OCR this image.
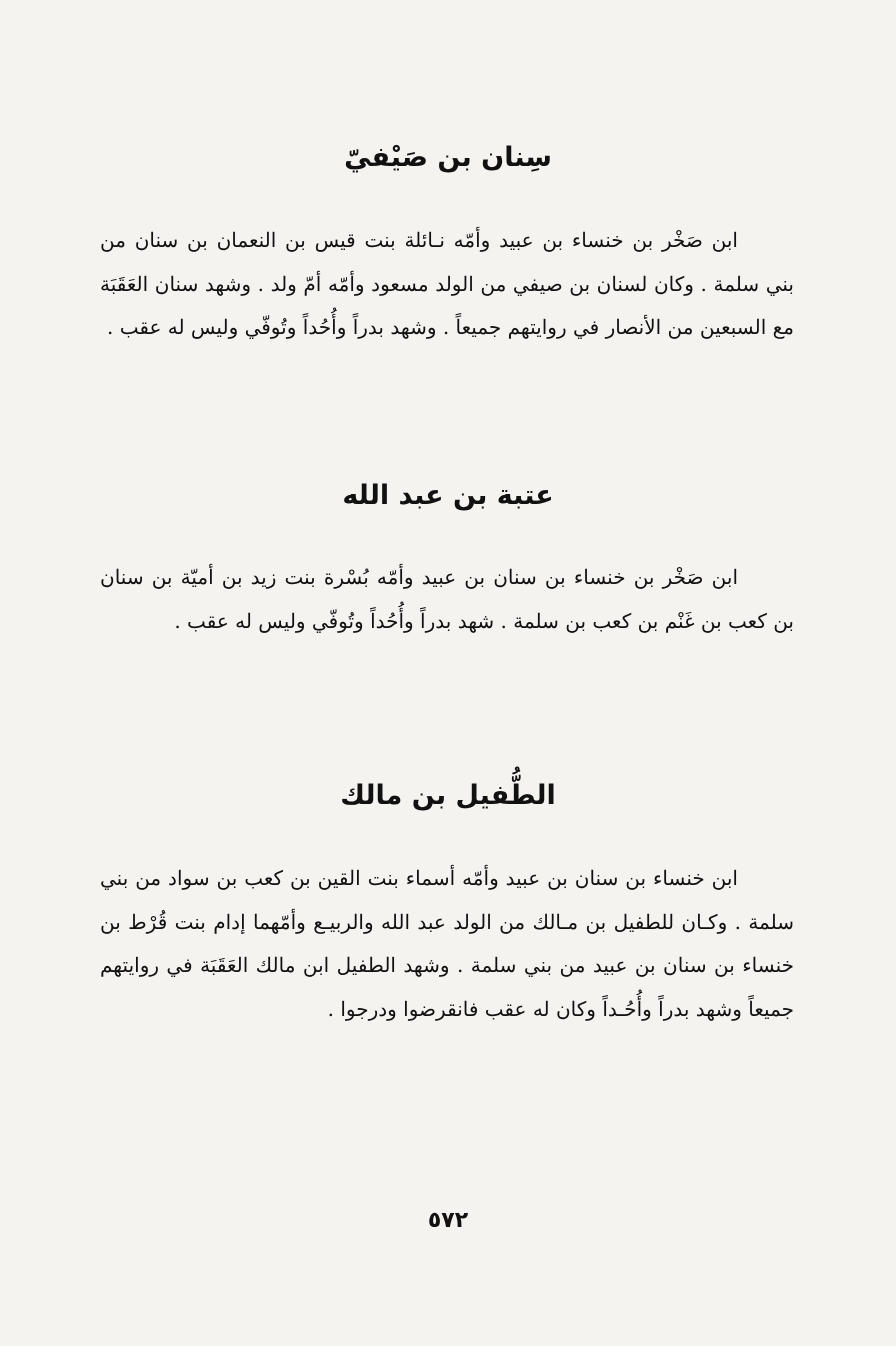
سِنان بن صَيْفيّ

ابن صَخْر بن خنساء بن عبيد وأمّه نـائلة بنت قيس بن النعمان بن سنان من بني سلمة . وكان لسنان بن صيفي من الولد مسعود وأمّه أمّ ولد . وشهد سنان العَقَبَة مع السبعين من الأنصار في روايتهم جميعاً . وشهد بدراً وأُحُداً وتُوفّي وليس له عقب .

عتبة بن عبد الله

ابن صَخْر بن خنساء بن سنان بن عبيد وأمّه بُسْرة بنت زيد بن أميّة بن سنان بن كعب بن غَنْم بن كعب بن سلمة . شهد بدراً وأُحُداً وتُوفّي وليس له عقب .

الطُّفيل بن مالك

ابن خنساء بن سنان بن عبيد وأمّه أسماء بنت القين بن كعب بن سواد من بني سلمة . وكـان للطفيل بن مـالك من الولد عبد الله والربيـع وأمّهما إدام بنت قُرْط بن خنساء بن سنان بن عبيد من بني سلمة . وشهد الطفيل ابن مالك العَقَبَة في روايتهم جميعاً وشهد بدراً وأُحُـداً وكان له عقب فانقرضوا ودرجوا .

٥٧٢
